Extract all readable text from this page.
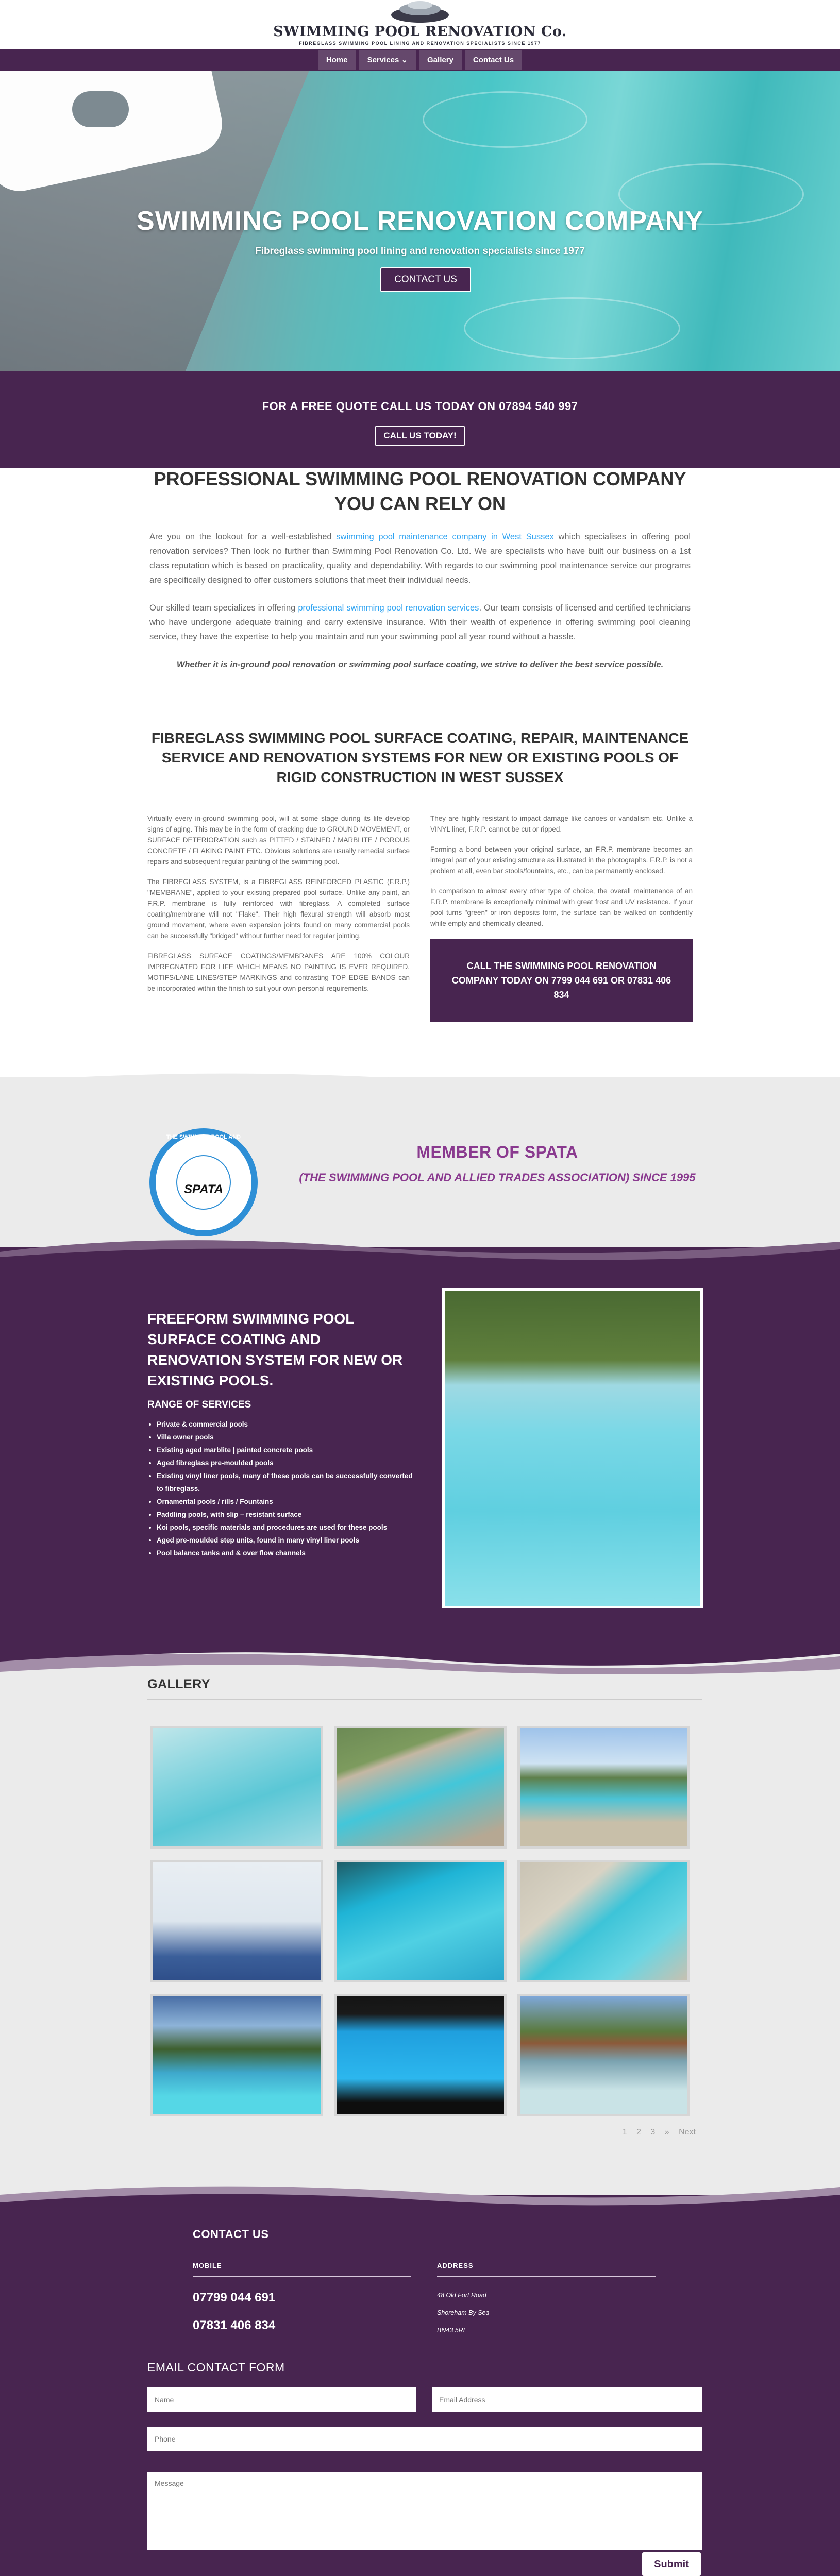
SWIMMING POOL RENOVATION Co.
FIBREGLASS SWIMMING POOL LINING AND RENOVATION SPECIALISTS SINCE 1977
Home	Services ⌄	Gallery	Contact Us
SWIMMING POOL RENOVATION COMPANY
Fibreglass swimming pool lining and renovation specialists since 1977
CONTACT US
FOR A FREE QUOTE CALL US TODAY ON 07894 540 997
CALL US TODAY!
PROFESSIONAL SWIMMING POOL RENOVATION COMPANY YOU CAN RELY ON

Are you on the lookout for a well-established swimming pool maintenance company in West Sussex which specialises in offering pool renovation services? Then look no further than Swimming Pool Renovation Co. Ltd. We are specialists who have built our business on a 1st class reputation which is based on practicality, quality and dependability. With regards to our swimming pool maintenance service our programs are specifically designed to offer customers solutions that meet their individual needs.

Our skilled team specializes in offering professional swimming pool renovation services. Our team consists of licensed and certified technicians who have undergone adequate training and carry extensive insurance. With their wealth of experience in offering swimming pool cleaning service, they have the expertise to help you maintain and run your swimming pool all year round without a hassle.

Whether it is in-ground pool renovation or swimming pool surface coating, we strive to deliver the best service possible.

FIBREGLASS SWIMMING POOL SURFACE COATING, REPAIR, MAINTENANCE SERVICE AND RENOVATION SYSTEMS FOR NEW OR EXISTING POOLS OF RIGID CONSTRUCTION IN WEST SUSSEX

Virtually every in-ground swimming pool, will at some stage during its life develop signs of aging. This may be in the form of cracking due to GROUND MOVEMENT, or SURFACE DETERIORATION such as PITTED / STAINED / MARBLITE / POROUS CONCRETE / FLAKING PAINT ETC. Obvious solutions are usually remedial surface repairs and subsequent regular painting of the swimming pool.

The FIBREGLASS SYSTEM, is a FIBREGLASS REINFORCED PLASTIC (F.R.P.) "MEMBRANE", applied to your existing prepared pool surface. Unlike any paint, an F.R.P. membrane is fully reinforced with fibreglass. A completed surface coating/membrane will not "Flake". Their high flexural strength will absorb most ground movement, where even expansion joints found on many commercial pools can be successfully "bridged" without further need for regular jointing.

FIBREGLASS SURFACE COATINGS/MEMBRANES ARE 100% COLOUR IMPREGNATED FOR LIFE WHICH MEANS NO PAINTING IS EVER REQUIRED. MOTIFS/LANE LINES/STEP MARKINGS and contrasting TOP EDGE BANDS can be incorporated within the finish to suit your own personal requirements.

They are highly resistant to impact damage like canoes or vandalism etc. Unlike a VINYL liner, F.R.P. cannot be cut or ripped.

Forming a bond between your original surface, an F.R.P. membrane becomes an integral part of your existing structure as illustrated in the photographs. F.R.P. is not a problem at all, even bar stools/fountains, etc., can be permanently enclosed.

In comparison to almost every other type of choice, the overall maintenance of an F.R.P. membrane is exceptionally minimal with great frost and UV resistance. If your pool turns "green" or iron deposits form, the surface can be walked on confidently while empty and chemically cleaned.

CALL THE SWIMMING POOL RENOVATION COMPANY TODAY ON 7799 044 691 OR 07831 406 834
THE SWIMMING POOL AND ALLIED TRADES ASSOCIATION
SPATA
MEMBER OF SPATA
(THE SWIMMING POOL AND ALLIED TRADES ASSOCIATION) SINCE 1995
FREEFORM SWIMMING POOL SURFACE COATING AND RENOVATION SYSTEM FOR NEW OR EXISTING POOLS.
RANGE OF SERVICES
• Private & commercial pools
• Villa owner pools
• Existing aged marblite | painted concrete pools
• Aged fibreglass pre-moulded pools
• Existing vinyl liner pools, many of these pools can be successfully converted to fibreglass.
• Ornamental pools / rills / Fountains
• Paddling pools, with slip – resistant surface
• Koi pools, specific materials and procedures are used for these pools
• Aged pre-moulded step units, found in many vinyl liner pools
• Pool balance tanks and & over flow channels
GALLERY
1 2 3 » Next
CONTACT US
MOBILE	ADDRESS
07799 044 691
07831 406 834
48 Old Fort Road
Shoreham By Sea
BN43 5RL
EMAIL CONTACT FORM
Name
Email Address
Phone
Message
Submit
